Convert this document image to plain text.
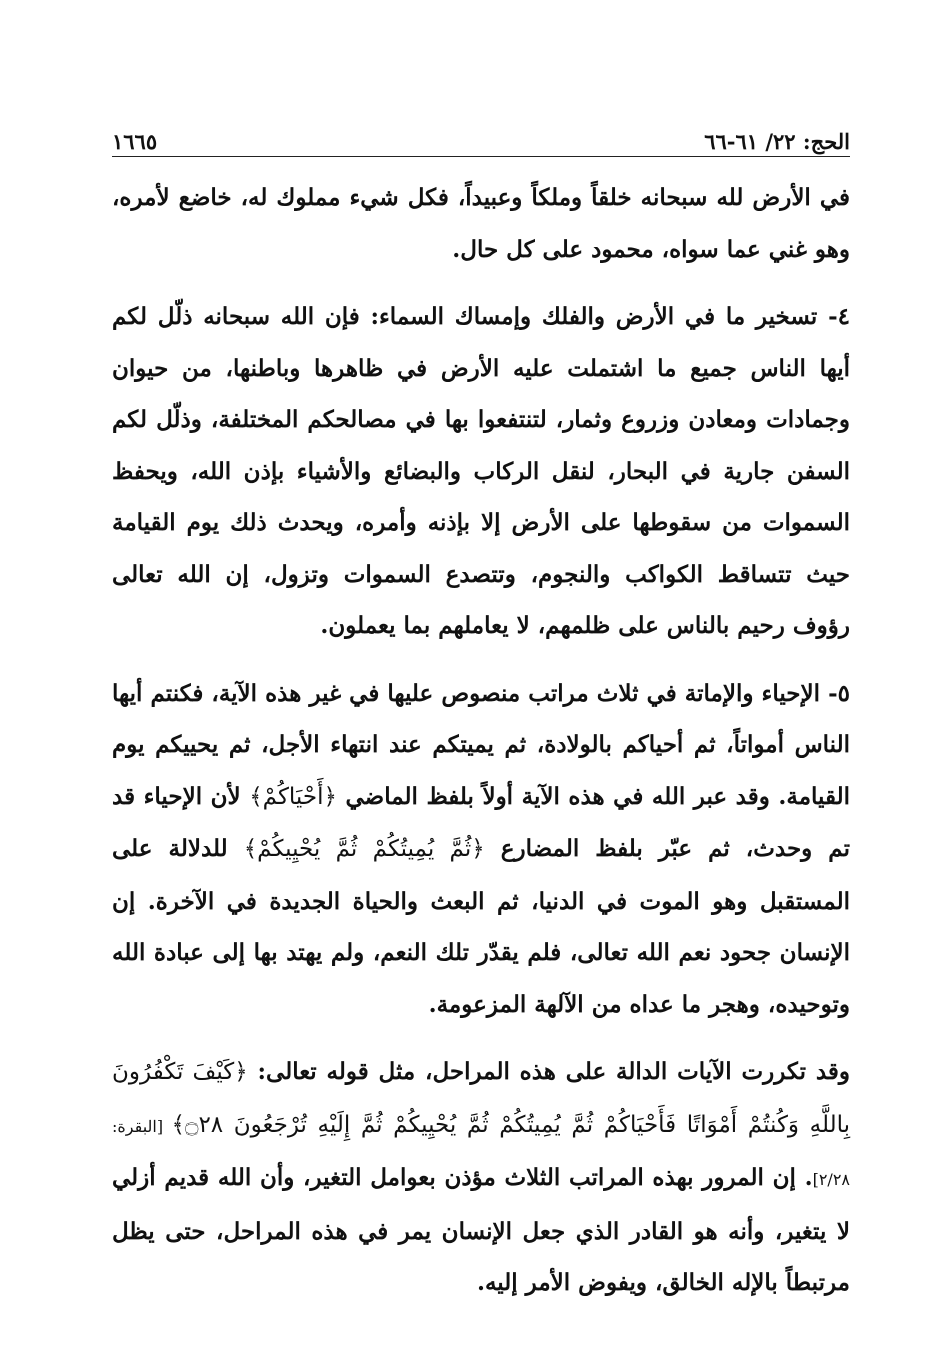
الحج: ٢٢/ ٦١-٦٦
١٦٦٥

في الأرض لله سبحانه خلقاً وملكاً وعبيداً، فكل شيء مملوك له، خاضع لأمره، وهو غني عما سواه، محمود على كل حال.

٤- تسخير ما في الأرض والفلك وإمساك السماء: فإن الله سبحانه ذلّل لكم أيها الناس جميع ما اشتملت عليه الأرض في ظاهرها وباطنها، من حيوان وجمادات ومعادن وزروع وثمار، لتنتفعوا بها في مصالحكم المختلفة، وذلّل لكم السفن جارية في البحار، لنقل الركاب والبضائع والأشياء بإذن الله، ويحفظ السموات من سقوطها على الأرض إلا بإذنه وأمره، ويحدث ذلك يوم القيامة حيث تتساقط الكواكب والنجوم، وتتصدع السموات وتزول، إن الله تعالى رؤوف رحيم بالناس على ظلمهم، لا يعاملهم بما يعملون.

٥- الإحياء والإماتة في ثلاث مراتب منصوص عليها في غير هذه الآية، فكنتم أيها الناس أمواتاً، ثم أحياكم بالولادة، ثم يميتكم عند انتهاء الأجل، ثم يحييكم يوم القيامة. وقد عبر الله في هذه الآية أولاً بلفظ الماضي ﴿أَحْيَاكُمْ﴾ لأن الإحياء قد تم وحدث، ثم عبّر بلفظ المضارع ﴿ثُمَّ يُمِيتُكُمْ ثُمَّ يُحْيِيكُمْ﴾ للدلالة على المستقبل وهو الموت في الدنيا، ثم البعث والحياة الجديدة في الآخرة. إن الإنسان جحود نعم الله تعالى، فلم يقدّر تلك النعم، ولم يهتد بها إلى عبادة الله وتوحيده، وهجر ما عداه من الآلهة المزعومة.

وقد تكررت الآيات الدالة على هذه المراحل، مثل قوله تعالى: ﴿كَيْفَ تَكْفُرُونَ بِاللَّهِ وَكُنتُمْ أَمْوَاتًا فَأَحْيَاكُمْ ثُمَّ يُمِيتُكُمْ ثُمَّ يُحْيِيكُمْ ثُمَّ إِلَيْهِ تُرْجَعُونَ ۝٢٨﴾ [البقرة: ٢/٢٨]. إن المرور بهذه المراتب الثلاث مؤذن بعوامل التغير، وأن الله قديم أزلي لا يتغير، وأنه هو القادر الذي جعل الإنسان يمر في هذه المراحل، حتى يظل مرتبطاً بالإله الخالق، ويفوض الأمر إليه.
